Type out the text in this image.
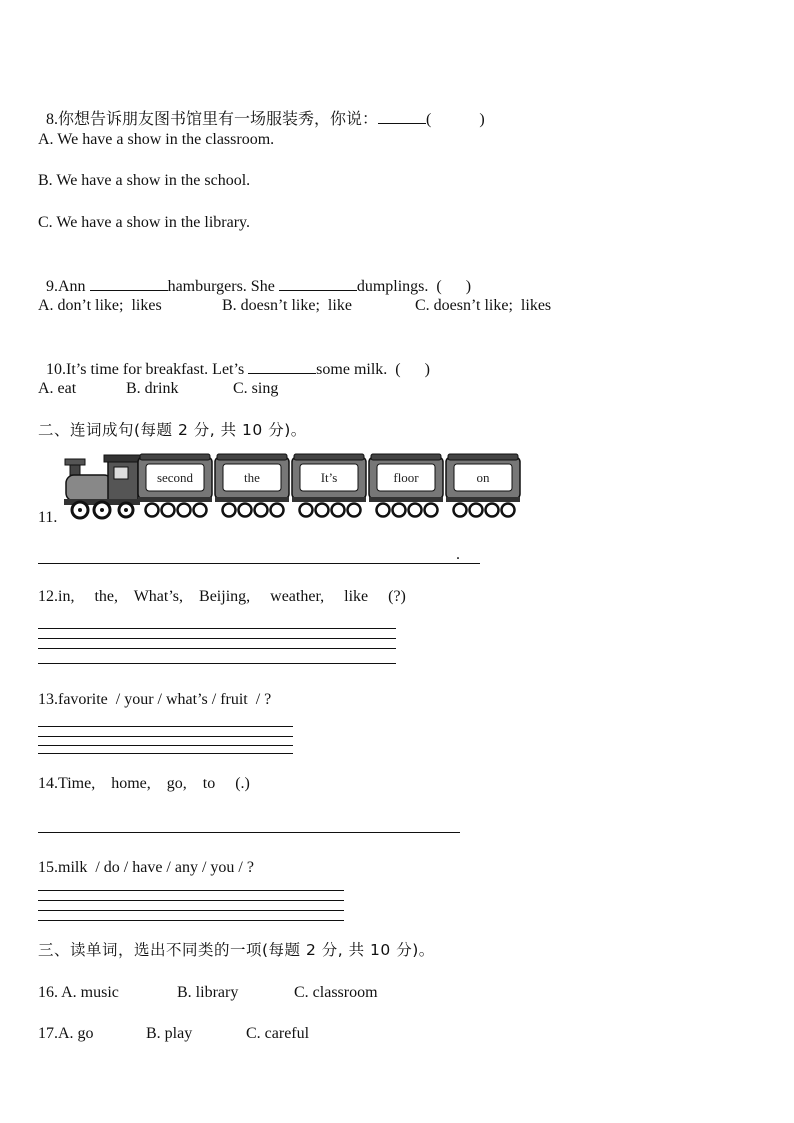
8.你想告诉朋友图书馆里有一场服装秀，你说：	(            )

A. We have a show in the classroom.
B. We have a show in the school.
C. We have a show in the library.

9.Ann	hamburgers. She	dumplings.  (      )

A. don’t like;  likes	B. doesn’t like;  like	C. doesn’t like;  likes

10.It’s time for breakfast. Let’s	some milk.  (      )

A. eat	B. drink	C. sing
二、连词成句(每题 2 分, 共 10 分)。
11.
second	the	It’s	floor	on
.
12.in,     the,    What’s,    Beijing,     weather,     like     (?)
13.favorite  / your / what’s / fruit  / ?
14.Time,    home,    go,    to     (.)
15.milk  / do / have / any / you / ?
三、读单词，选出不同类的一项(每题 2 分, 共 10 分)。
16. A. music	B. library	C. classroom
17.A. go	B. play	C. careful
